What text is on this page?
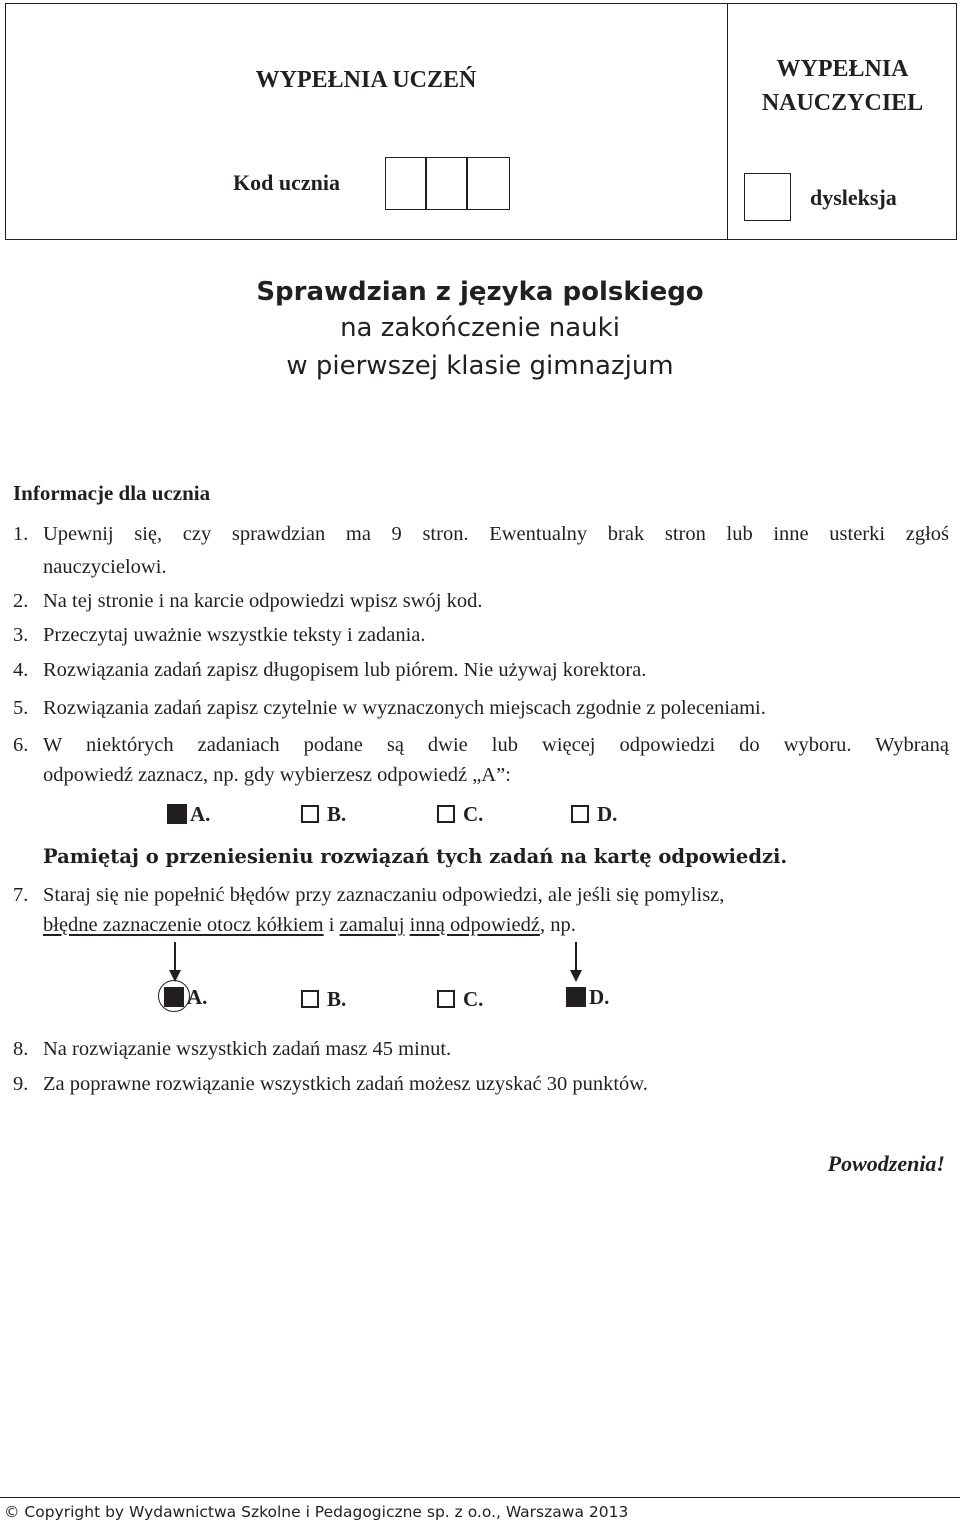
WYPEŁNIA UCZEŃ	WYPEŁNIA
NAUCZYCIEL
Kod ucznia
dysleksja
Sprawdzian z języka polskiego
na zakończenie nauki
w pierwszej klasie gimnazjum
Informacje dla ucznia
1. Upewnij się, czy sprawdzian ma 9 stron. Ewentualny brak stron lub inne usterki zgłoś
nauczycielowi.
2. Na tej stronie i na karcie odpowiedzi wpisz swój kod.
3. Przeczytaj uważnie wszystkie teksty i zadania.
4. Rozwiązania zadań zapisz długopisem lub piórem. Nie używaj korektora.
5. Rozwiązania zadań zapisz czytelnie w wyznaczonych miejscach zgodnie z poleceniami.
6. W niektórych zadaniach podane są dwie lub więcej odpowiedzi do wyboru. Wybraną
odpowiedź zaznacz, np. gdy wybierzesz odpowiedź „A”:
A.	B.	C.	D.
Pamiętaj o przeniesieniu rozwiązań tych zadań na kartę odpowiedzi.
7. Staraj się nie popełnić błędów przy zaznaczaniu odpowiedzi, ale jeśli się pomylisz,
błędne zaznaczenie otocz kółkiem i zamaluj inną odpowiedź, np.
A.	B.	C.	D.
8. Na rozwiązanie wszystkich zadań masz 45 minut.
9. Za poprawne rozwiązanie wszystkich zadań możesz uzyskać 30 punktów.
Powodzenia!
© Copyright by Wydawnictwa Szkolne i Pedagogiczne sp. z o.o., Warszawa 2013
